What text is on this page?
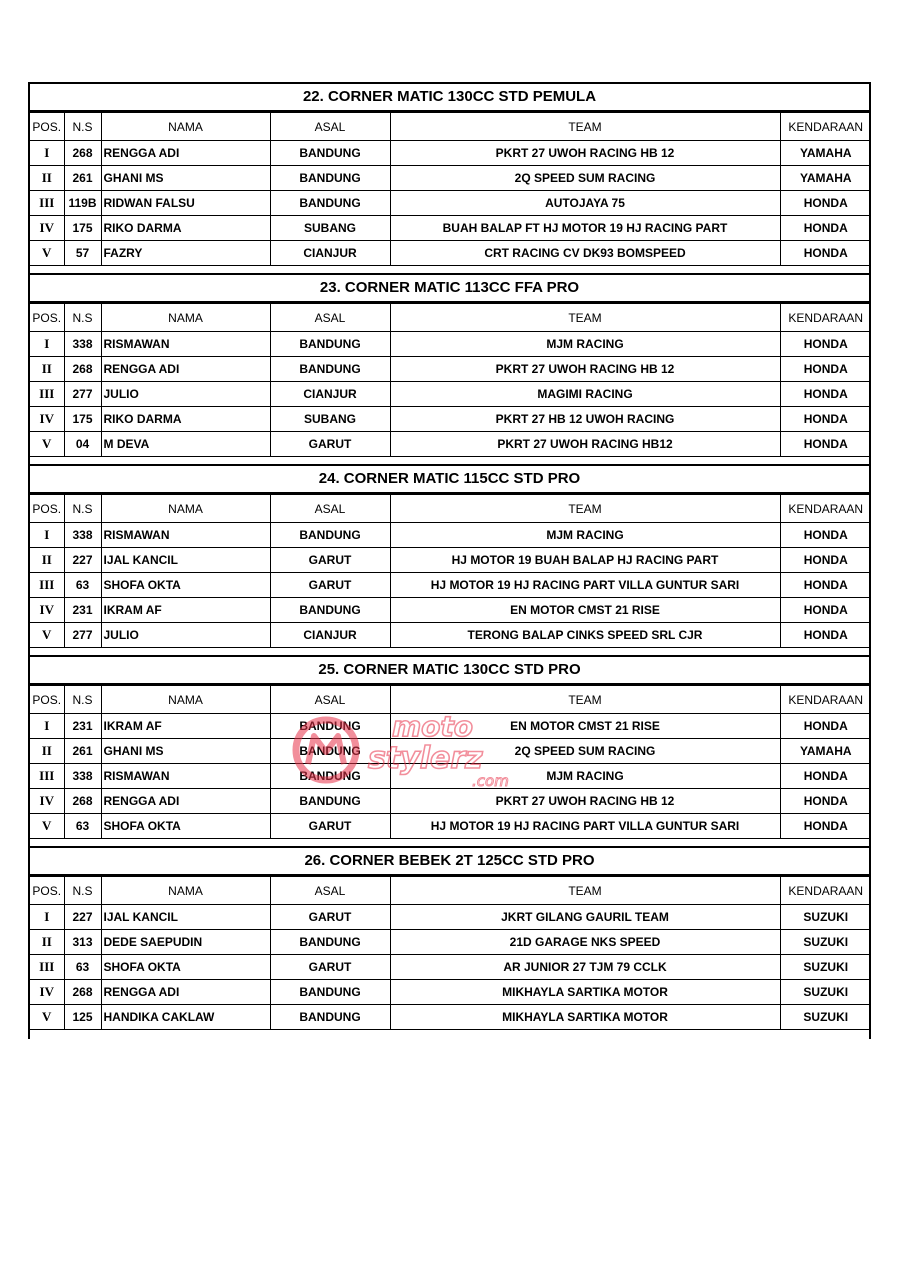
22. CORNER MATIC 130CC STD PEMULA
POS.	N.S	NAMA	ASAL	TEAM	KENDARAAN
I	268	RENGGA ADI	BANDUNG	PKRT 27 UWOH RACING HB 12	YAMAHA
II	261	GHANI MS	BANDUNG	2Q SPEED SUM RACING	YAMAHA
III	119B	RIDWAN FALSU	BANDUNG	AUTOJAYA 75	HONDA
IV	175	RIKO DARMA	SUBANG	BUAH BALAP FT HJ MOTOR 19 HJ RACING PART	HONDA
V	57	FAZRY	CIANJUR	CRT RACING CV DK93 BOMSPEED	HONDA
23. CORNER MATIC 113CC FFA PRO
POS.	N.S	NAMA	ASAL	TEAM	KENDARAAN
I	338	RISMAWAN	BANDUNG	MJM RACING	HONDA
II	268	RENGGA ADI	BANDUNG	PKRT 27 UWOH RACING HB 12	HONDA
III	277	JULIO	CIANJUR	MAGIMI RACING	HONDA
IV	175	RIKO DARMA	SUBANG	PKRT 27 HB 12 UWOH RACING	HONDA
V	04	M DEVA	GARUT	PKRT 27 UWOH RACING HB12	HONDA
24. CORNER MATIC 115CC STD PRO
POS.	N.S	NAMA	ASAL	TEAM	KENDARAAN
I	338	RISMAWAN	BANDUNG	MJM RACING	HONDA
II	227	IJAL KANCIL	GARUT	HJ MOTOR 19 BUAH BALAP HJ RACING PART	HONDA
III	63	SHOFA OKTA	GARUT	HJ MOTOR 19 HJ RACING PART VILLA GUNTUR SARI	HONDA
IV	231	IKRAM AF	BANDUNG	EN MOTOR CMST 21 RISE	HONDA
V	277	JULIO	CIANJUR	TERONG BALAP CINKS SPEED SRL CJR	HONDA
25. CORNER MATIC 130CC STD PRO
POS.	N.S	NAMA	ASAL	TEAM	KENDARAAN
I	231	IKRAM AF	BANDUNG	EN MOTOR CMST 21 RISE	HONDA
II	261	GHANI MS	BANDUNG	2Q SPEED SUM RACING	YAMAHA
III	338	RISMAWAN	BANDUNG	MJM RACING	HONDA
IV	268	RENGGA ADI	BANDUNG	PKRT 27 UWOH RACING HB 12	HONDA
V	63	SHOFA OKTA	GARUT	HJ MOTOR 19 HJ RACING PART VILLA GUNTUR SARI	HONDA
26. CORNER BEBEK 2T 125CC STD PRO
POS.	N.S	NAMA	ASAL	TEAM	KENDARAAN
I	227	IJAL KANCIL	GARUT	JKRT GILANG GAURIL TEAM	SUZUKI
II	313	DEDE SAEPUDIN	BANDUNG	21D GARAGE NKS SPEED	SUZUKI
III	63	SHOFA OKTA	GARUT	AR JUNIOR 27 TJM 79 CCLK	SUZUKI
IV	268	RENGGA ADI	BANDUNG	MIKHAYLA SARTIKA MOTOR	SUZUKI
V	125	HANDIKA CAKLAW	BANDUNG	MIKHAYLA SARTIKA MOTOR	SUZUKI
moto
stylerz
.com
